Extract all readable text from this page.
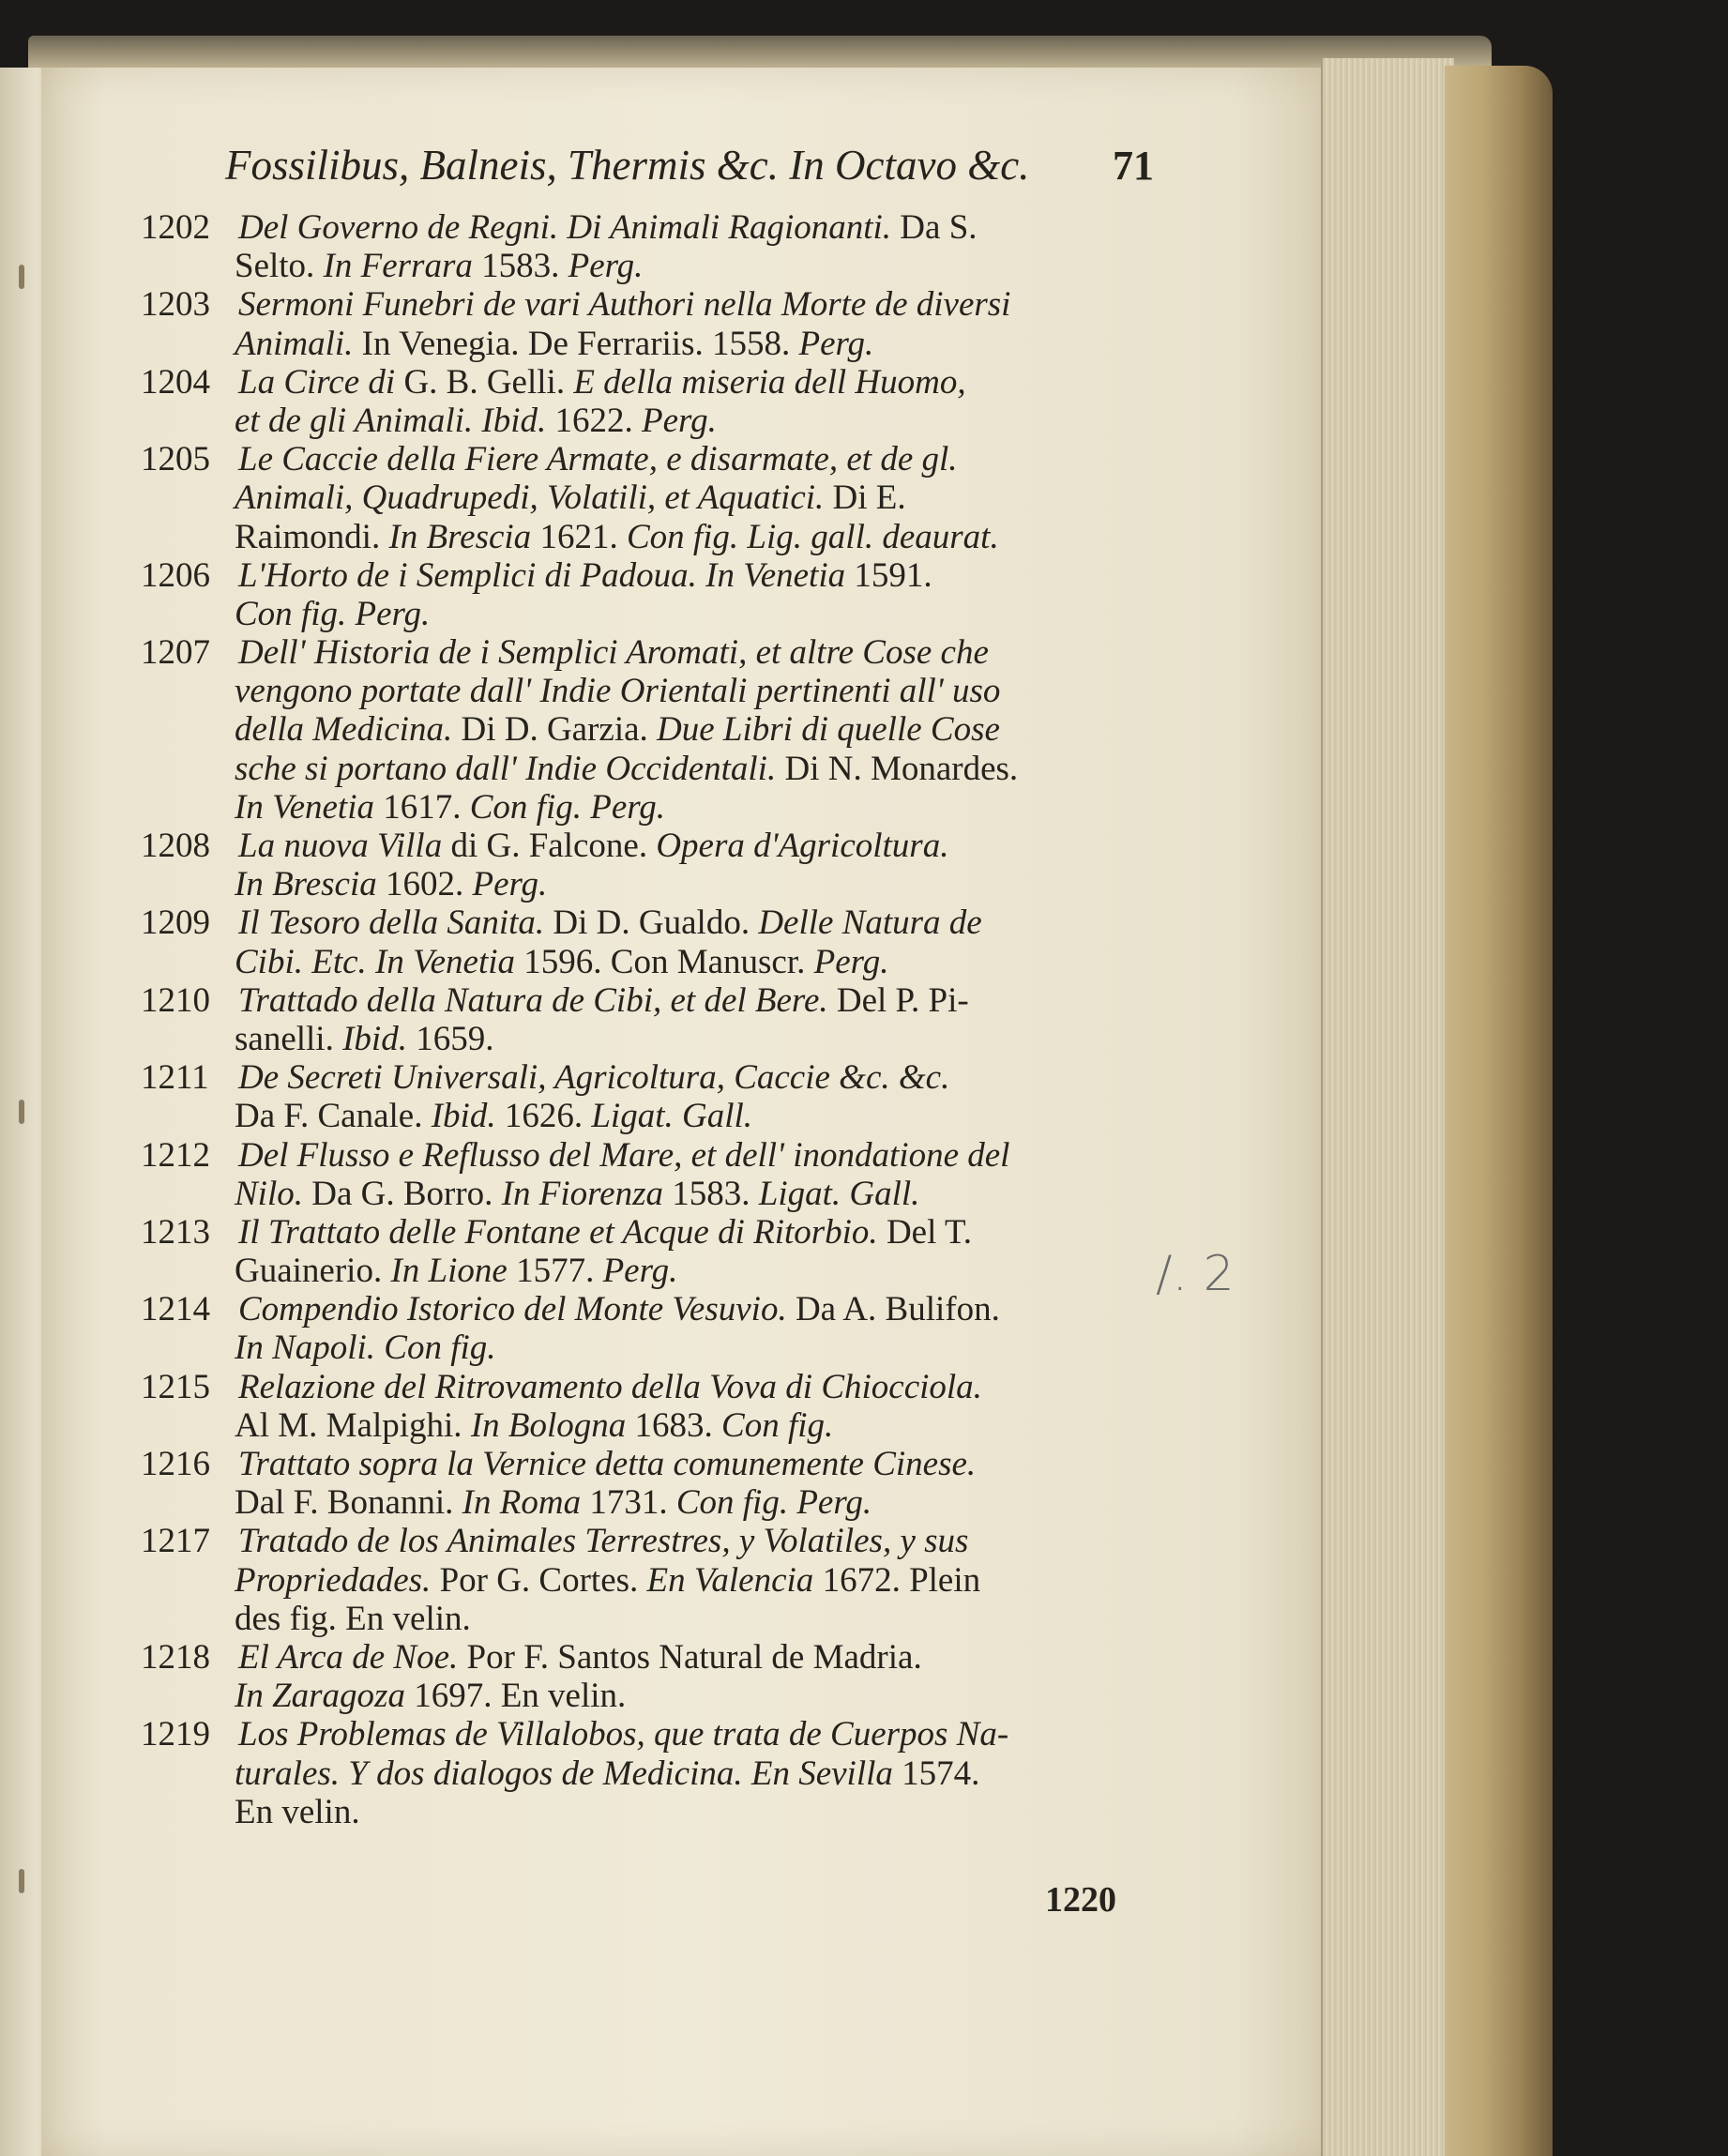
Fossilibus, Balneis, Thermis &c. In Octavo &c. 71
1202 Del Governo de Regni. Di Animali Ragionanti. Da S.
Selto. In Ferrara 1583. Perg.
1203 Sermoni Funebri de vari Authori nella Morte de diversi
Animali. In Venegia. De Ferrariis. 1558. Perg.
1204 La Circe di G. B. Gelli. E della miseria dell Huomo,
et de gli Animali. Ibid. 1622. Perg.
1205 Le Caccie della Fiere Armate, e disarmate, et de gl.
Animali, Quadrupedi, Volatili, et Aquatici. Di E.
Raimondi. In Brescia 1621. Con fig. Lig. gall. deaurat.
1206 L'Horto de i Semplici di Padoua. In Venetia 1591.
Con fig. Perg.
1207 Dell' Historia de i Semplici Aromati, et altre Cose che
vengono portate dall' Indie Orientali pertinenti all' uso
della Medicina. Di D. Garzia. Due Libri di quelle Cose
sche si portano dall' Indie Occidentali. Di N. Monardes.
In Venetia 1617. Con fig. Perg.
1208 La nuova Villa di G. Falcone. Opera d'Agricoltura.
In Brescia 1602. Perg.
1209 Il Tesoro della Sanita. Di D. Gualdo. Delle Natura de
Cibi. Etc. In Venetia 1596. Con Manuscr. Perg.
1210 Trattado della Natura de Cibi, et del Bere. Del P. Pi-
sanelli. Ibid. 1659.
1211 De Secreti Universali, Agricoltura, Caccie &c. &c.
Da F. Canale. Ibid. 1626. Ligat. Gall.
1212 Del Flusso e Reflusso del Mare, et dell' inondatione del
Nilo. Da G. Borro. In Fiorenza 1583. Ligat. Gall.
1213 Il Trattato delle Fontane et Acque di Ritorbio. Del T.
Guainerio. In Lione 1577. Perg.
1214 Compendio Istorico del Monte Vesuvio. Da A. Bulifon.
In Napoli. Con fig.
1215 Relazione del Ritrovamento della Vova di Chiocciola.
Al M. Malpighi. In Bologna 1683. Con fig.
1216 Trattato sopra la Vernice detta comunemente Cinese.
Dal F. Bonanni. In Roma 1731. Con fig. Perg.
1217 Tratado de los Animales Terrestres, y Volatiles, y sus
Propriedades. Por G. Cortes. En Valencia 1672. Plein
des fig. En velin.
1218 El Arca de Noe. Por F. Santos Natural de Madria.
In Zaragoza 1697. En velin.
1219 Los Problemas de Villalobos, que trata de Cuerpos Na-
turales. Y dos dialogos de Medicina. En Sevilla 1574.
En velin.
/. 2
1220
